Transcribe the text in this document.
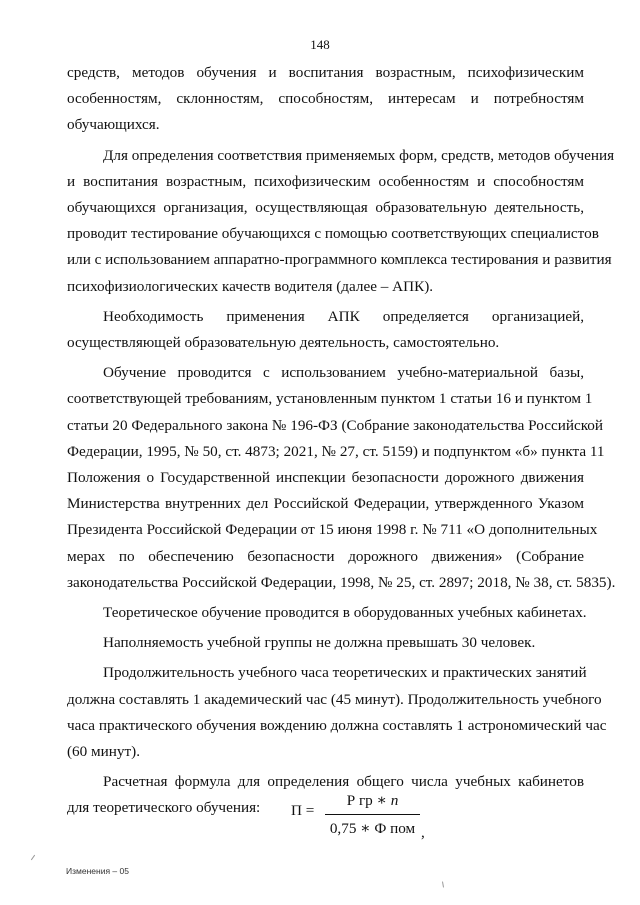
148
средств, методов обучения и воспитания возрастным, психофизическим
особенностям, склонностям, способностям, интересам и потребностям
обучающихся.
Для определения соответствия применяемых форм, средств, методов обучения
и воспитания возрастным, психофизическим особенностям и способностям
обучающихся организация, осуществляющая образовательную деятельность,
проводит тестирование обучающихся с помощью соответствующих специалистов
или с использованием аппаратно-программного комплекса тестирования и развития
психофизиологических качеств водителя (далее – АПК).
Необходимость применения АПК определяется организацией,
осуществляющей образовательную деятельность, самостоятельно.
Обучение проводится с использованием учебно-материальной базы,
соответствующей требованиям, установленным пунктом 1 статьи 16 и пунктом 1
статьи 20 Федерального закона № 196-ФЗ (Собрание законодательства Российской
Федерации, 1995, № 50, ст. 4873; 2021, № 27, ст. 5159) и подпунктом «б» пункта 11
Положения о Государственной инспекции безопасности дорожного движения
Министерства внутренних дел Российской Федерации, утвержденного Указом
Президента Российской Федерации от 15 июня 1998 г. № 711 «О дополнительных
мерах по обеспечению безопасности дорожного движения» (Собрание
законодательства Российской Федерации, 1998, № 25, ст. 2897; 2018, № 38, ст. 5835).
Теоретическое обучение проводится в оборудованных учебных кабинетах.
Наполняемость учебной группы не должна превышать 30 человек.
Продолжительность учебного часа теоретических и практических занятий
должна составлять 1 академический час (45 минут). Продолжительность учебного
часа практического обучения вождению должна составлять 1 астрономический час
(60 минут).
Расчетная формула для определения общего числа учебных кабинетов
для теоретического обучения:	П =
Р гр ∗ n
0,75 ∗ Ф пом ,
Изменения – 05
